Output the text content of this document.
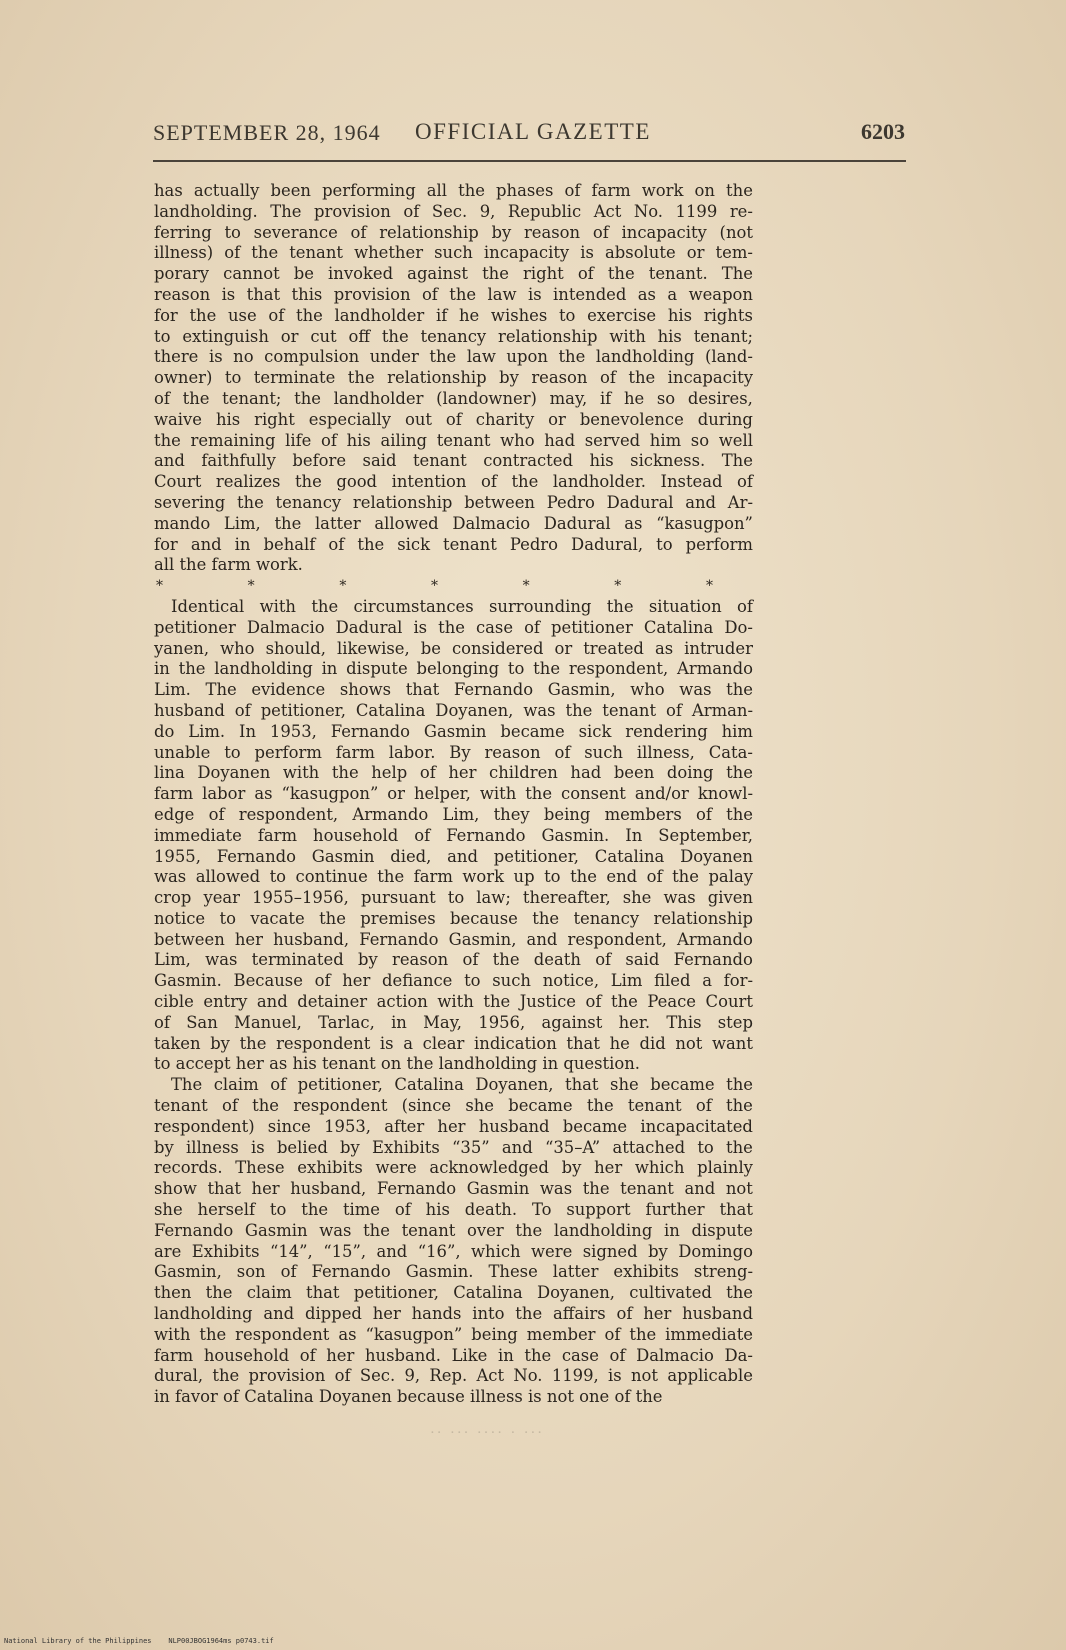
SEPTEMBER 28, 1964 OFFICIAL GAZETTE	6203
has actually been performing all the phases of farm work on the
landholding. The provision of Sec. 9, Republic Act No. 1199 re-
ferring to severance of relationship by reason of incapacity (not
illness) of the tenant whether such incapacity is absolute or tem-
porary cannot be invoked against the right of the tenant. The
reason is that this provision of the law is intended as a weapon
for the use of the landholder if he wishes to exercise his rights
to extinguish or cut off the tenancy relationship with his tenant;
there is no compulsion under the law upon the landholding (land-
owner) to terminate the relationship by reason of the incapacity
of the tenant; the landholder (landowner) may, if he so desires,
waive his right especially out of charity or benevolence during
the remaining life of his ailing tenant who had served him so well
and faithfully before said tenant contracted his sickness. The
Court realizes the good intention of the landholder. Instead of
severing the tenancy relationship between Pedro Dadural and Ar-
mando Lim, the latter allowed Dalmacio Dadural as “kasugpon”
for and in behalf of the sick tenant Pedro Dadural, to perform
all the farm work.
*	*	*	*	*	*	*
Identical with the circumstances surrounding the situation of
petitioner Dalmacio Dadural is the case of petitioner Catalina Do-
yanen, who should, likewise, be considered or treated as intruder
in the landholding in dispute belonging to the respondent, Armando
Lim. The evidence shows that Fernando Gasmin, who was the
husband of petitioner, Catalina Doyanen, was the tenant of Arman-
do Lim. In 1953, Fernando Gasmin became sick rendering him
unable to perform farm labor. By reason of such illness, Cata-
lina Doyanen with the help of her children had been doing the
farm labor as “kasugpon” or helper, with the consent and/or knowl-
edge of respondent, Armando Lim, they being members of the
immediate farm household of Fernando Gasmin. In September,
1955, Fernando Gasmin died, and petitioner, Catalina Doyanen
was allowed to continue the farm work up to the end of the palay
crop year 1955–1956, pursuant to law; thereafter, she was given
notice to vacate the premises because the tenancy relationship
between her husband, Fernando Gasmin, and respondent, Armando
Lim, was terminated by reason of the death of said Fernando
Gasmin. Because of her defiance to such notice, Lim filed a for-
cible entry and detainer action with the Justice of the Peace Court
of San Manuel, Tarlac, in May, 1956, against her. This step
taken by the respondent is a clear indication that he did not want
to accept her as his tenant on the landholding in question.
The claim of petitioner, Catalina Doyanen, that she became the
tenant of the respondent (since she became the tenant of the
respondent) since 1953, after her husband became incapacitated
by illness is belied by Exhibits “35” and “35–A” attached to the
records. These exhibits were acknowledged by her which plainly
show that her husband, Fernando Gasmin was the tenant and not
she herself to the time of his death. To support further that
Fernando Gasmin was the tenant over the landholding in dispute
are Exhibits “14”, “15”, and “16”, which were signed by Domingo
Gasmin, son of Fernando Gasmin. These latter exhibits streng-
then the claim that petitioner, Catalina Doyanen, cultivated the
landholding and dipped her hands into the affairs of her husband
with the respondent as “kasugpon” being member of the immediate
farm household of her husband. Like in the case of Dalmacio Da-
dural, the provision of Sec. 9, Rep. Act No. 1199, is not applicable
in favor of Catalina Doyanen because illness is not one of the
⋅⋅ ⋅⋅⋅ ⋅⋅⋅⋅ ⋅ ⋅⋅⋅
National Library of the Philippines    NLP00JBOG1964ms p0743.tif
